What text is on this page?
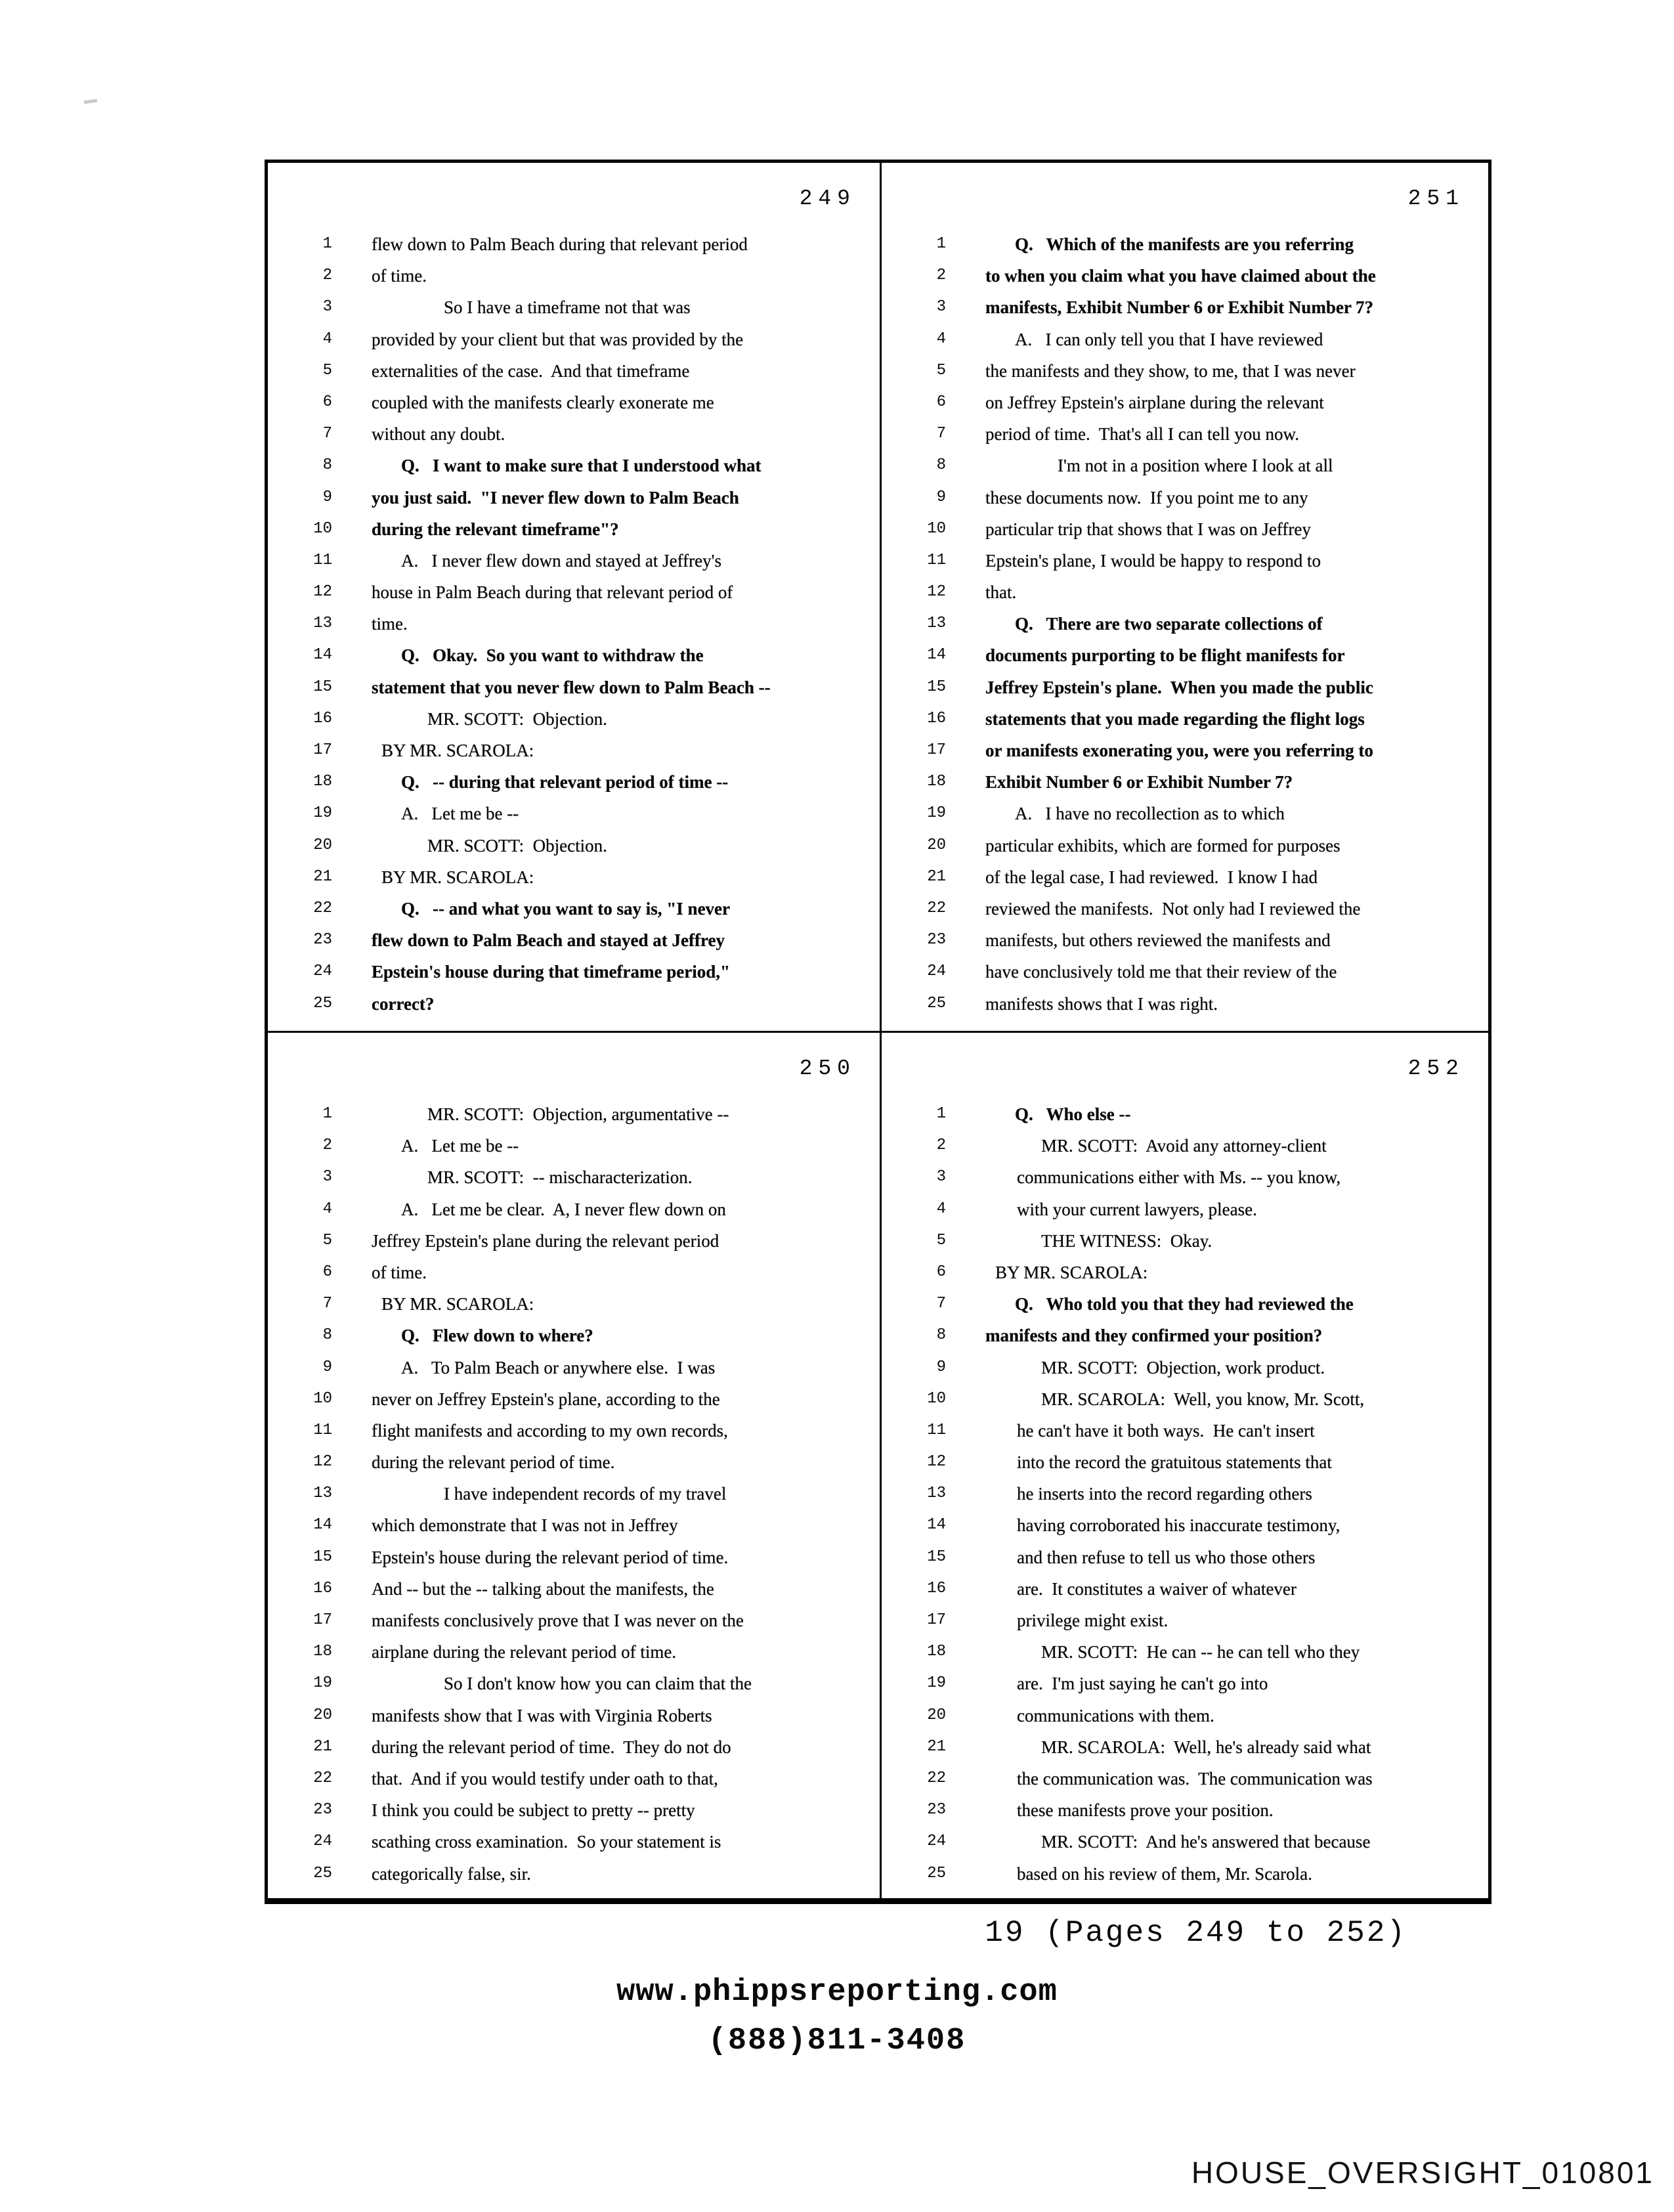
249
1 flew down to Palm Beach during that relevant period
2 of time.
3	So I have a timeframe not that was
4 provided by your client but that was provided by the
5 externalities of the case.  And that timeframe
6 coupled with the manifests clearly exonerate me
7 without any doubt.
8	Q.   I want to make sure that I understood what
9 you just said.  "I never flew down to Palm Beach
10 during the relevant timeframe"?
11	A.   I never flew down and stayed at Jeffrey's
12 house in Palm Beach during that relevant period of
13 time.
14	Q.   Okay.  So you want to withdraw the
15 statement that you never flew down to Palm Beach --
16	MR. SCOTT:  Objection.
17	BY MR. SCAROLA:
18	Q.   -- during that relevant period of time --
19	A.   Let me be --
20	MR. SCOTT:  Objection.
21	BY MR. SCAROLA:
22	Q.   -- and what you want to say is, "I never
23 flew down to Palm Beach and stayed at Jeffrey
24 Epstein's house during that timeframe period,"
25 correct?
251
1	Q.   Which of the manifests are you referring
2 to when you claim what you have claimed about the
3 manifests, Exhibit Number 6 or Exhibit Number 7?
4	A.   I can only tell you that I have reviewed
5 the manifests and they show, to me, that I was never
6 on Jeffrey Epstein's airplane during the relevant
7 period of time.  That's all I can tell you now.
8	I'm not in a position where I look at all
9 these documents now.  If you point me to any
10 particular trip that shows that I was on Jeffrey
11 Epstein's plane, I would be happy to respond to
12 that.
13	Q.   There are two separate collections of
14 documents purporting to be flight manifests for
15 Jeffrey Epstein's plane.  When you made the public
16 statements that you made regarding the flight logs
17 or manifests exonerating you, were you referring to
18 Exhibit Number 6 or Exhibit Number 7?
19	A.   I have no recollection as to which
20 particular exhibits, which are formed for purposes
21 of the legal case, I had reviewed.  I know I had
22 reviewed the manifests.  Not only had I reviewed the
23 manifests, but others reviewed the manifests and
24 have conclusively told me that their review of the
25 manifests shows that I was right.
250
1	MR. SCOTT:  Objection, argumentative --
2	A.   Let me be --
3	MR. SCOTT:  -- mischaracterization.
4	A.   Let me be clear.  A, I never flew down on
5 Jeffrey Epstein's plane during the relevant period
6 of time.
7	BY MR. SCAROLA:
8	Q.   Flew down to where?
9	A.   To Palm Beach or anywhere else.  I was
10 never on Jeffrey Epstein's plane, according to the
11 flight manifests and according to my own records,
12 during the relevant period of time.
13	I have independent records of my travel
14 which demonstrate that I was not in Jeffrey
15 Epstein's house during the relevant period of time.
16 And -- but the -- talking about the manifests, the
17 manifests conclusively prove that I was never on the
18 airplane during the relevant period of time.
19	So I don't know how you can claim that the
20 manifests show that I was with Virginia Roberts
21 during the relevant period of time.  They do not do
22 that.  And if you would testify under oath to that,
23 I think you could be subject to pretty -- pretty
24 scathing cross examination.  So your statement is
25 categorically false, sir.
252
1	Q.   Who else --
2	MR. SCOTT:  Avoid any attorney-client
3	communications either with Ms. -- you know,
4	with your current lawyers, please.
5	THE WITNESS:  Okay.
6	BY MR. SCAROLA:
7	Q.   Who told you that they had reviewed the
8 manifests and they confirmed your position?
9	MR. SCOTT:  Objection, work product.
10	MR. SCAROLA:  Well, you know, Mr. Scott,
11	he can't have it both ways.  He can't insert
12	into the record the gratuitous statements that
13	he inserts into the record regarding others
14	having corroborated his inaccurate testimony,
15	and then refuse to tell us who those others
16	are.  It constitutes a waiver of whatever
17	privilege might exist.
18	MR. SCOTT:  He can -- he can tell who they
19	are.  I'm just saying he can't go into
20	communications with them.
21	MR. SCAROLA:  Well, he's already said what
22	the communication was.  The communication was
23	these manifests prove your position.
24	MR. SCOTT:  And he's answered that because
25	based on his review of them, Mr. Scarola.
19 (Pages 249 to 252)
www.phippsreporting.com
(888)811-3408
HOUSE_OVERSIGHT_010801
